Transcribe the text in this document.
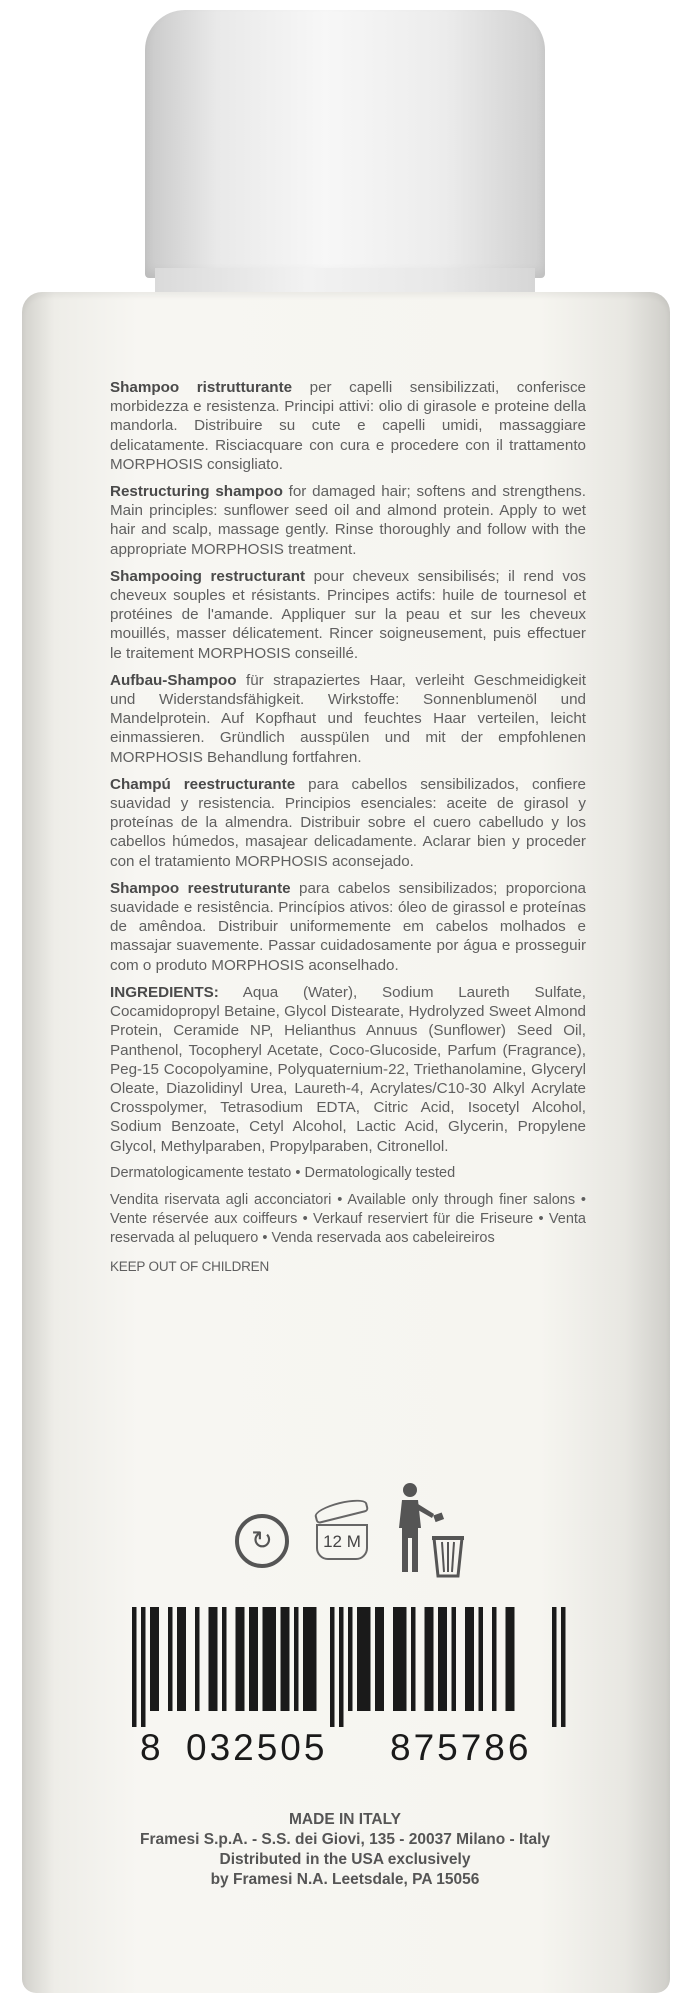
Shampoo ristrutturante per capelli sensibilizzati, conferisce morbidezza e resistenza. Principi attivi: olio di girasole e proteine della mandorla. Distribuire su cute e capelli umidi, massaggiare delicatamente. Risciacquare con cura e procedere con il trattamento MORPHOSIS consigliato.

Restructuring shampoo for damaged hair; softens and strengthens. Main principles: sunflower seed oil and almond protein. Apply to wet hair and scalp, massage gently. Rinse thoroughly and follow with the appropriate MORPHOSIS treatment.

Shampooing restructurant pour cheveux sensibilisés; il rend vos cheveux souples et résistants. Principes actifs: huile de tournesol et protéines de l'amande. Appliquer sur la peau et sur les cheveux mouillés, masser délicatement. Rincer soigneusement, puis effectuer le traitement MORPHOSIS conseillé.

Aufbau-Shampoo für strapaziertes Haar, verleiht Geschmeidigkeit und Widerstandsfähigkeit. Wirkstoffe: Sonnenblumenöl und Mandelprotein. Auf Kopfhaut und feuchtes Haar verteilen, leicht einmassieren. Gründlich ausspülen und mit der empfohlenen MORPHOSIS Behandlung fortfahren.

Champú reestructurante para cabellos sensibilizados, confiere suavidad y resistencia. Principios esenciales: aceite de girasol y proteínas de la almendra. Distribuir sobre el cuero cabelludo y los cabellos húmedos, masajear delicadamente. Aclarar bien y proceder con el tratamiento MORPHOSIS aconsejado.

Shampoo reestruturante para cabelos sensibilizados; proporciona suavidade e resistência. Princípios ativos: óleo de girassol e proteínas de amêndoa. Distribuir uniformemente em cabelos molhados e massajar suavemente. Passar cuidadosamente por água e prosseguir com o produto MORPHOSIS aconselhado.

INGREDIENTS: Aqua (Water), Sodium Laureth Sulfate, Cocamidopropyl Betaine, Glycol Distearate, Hydrolyzed Sweet Almond Protein, Ceramide NP, Helianthus Annuus (Sunflower) Seed Oil, Panthenol, Tocopheryl Acetate, Coco-Glucoside, Parfum (Fragrance), Peg-15 Cocopolyamine, Polyquaternium-22, Triethanolamine, Glyceryl Oleate, Diazolidinyl Urea, Laureth-4, Acrylates/C10-30 Alkyl Acrylate Crosspolymer, Tetrasodium EDTA, Citric Acid, Isocetyl Alcohol, Sodium Benzoate, Cetyl Alcohol, Lactic Acid, Glycerin, Propylene Glycol, Methylparaben, Propylparaben, Citronellol.

Dermatologicamente testato • Dermatologically tested

Vendita riservata agli acconciatori • Available only through finer salons • Vente réservée aux coiffeurs • Verkauf reserviert für die Friseure • Venta reservada al peluquero • Venda reservada aos cabeleireiros

KEEP OUT OF CHILDREN

↻	12 M
8 032505 875786
MADE IN ITALY
Framesi S.p.A. - S.S. dei Giovi, 135 - 20037 Milano - Italy
Distributed in the USA exclusively
by Framesi N.A. Leetsdale, PA 15056
